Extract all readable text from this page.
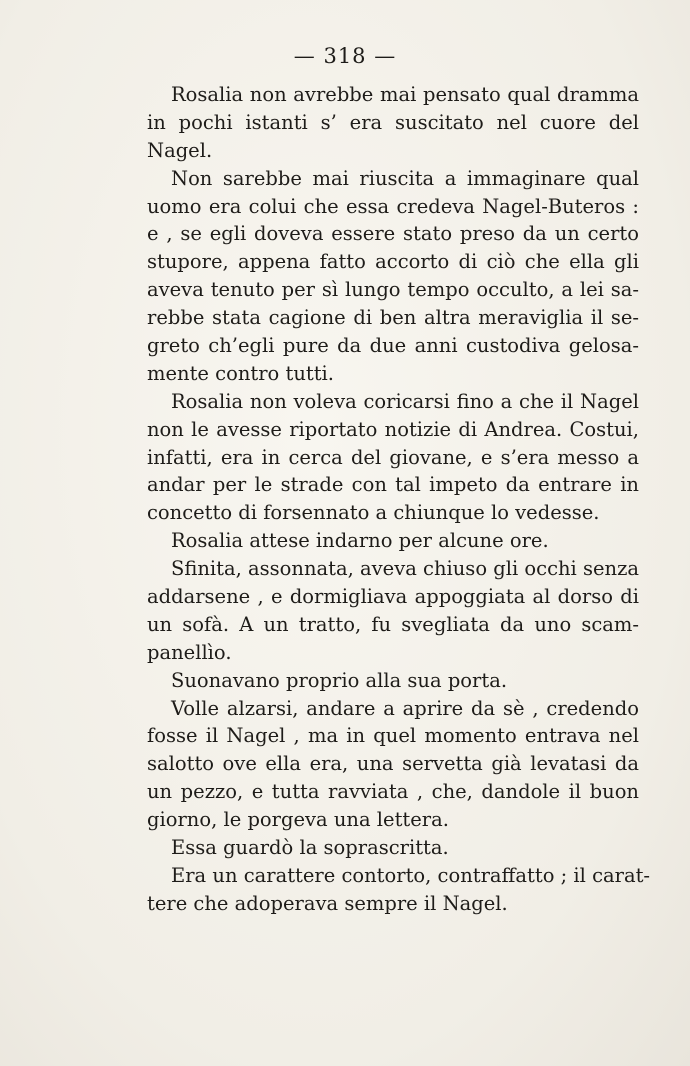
— 318 —
Rosalia non avrebbe mai pensato qual dramma
in pochi istanti s’ era suscitato nel cuore del
Nagel.
Non sarebbe mai riuscita a immaginare qual
uomo era colui che essa credeva Nagel-Buteros :
e , se egli doveva essere stato preso da un certo
stupore, appena fatto accorto di ciò che ella gli
aveva tenuto per sì lungo tempo occulto, a lei sa-
rebbe stata cagione di ben altra meraviglia il se-
greto ch’egli pure da due anni custodiva gelosa-
mente contro tutti.
Rosalia non voleva coricarsi fino a che il Nagel
non le avesse riportato notizie di Andrea. Costui,
infatti, era in cerca del giovane, e s’era messo a
andar per le strade con tal impeto da entrare in
concetto di forsennato a chiunque lo vedesse.
Rosalia attese indarno per alcune ore.
Sfinita, assonnata, aveva chiuso gli occhi senza
addarsene , e dormigliava appoggiata al dorso di
un sofà. A un tratto, fu svegliata da uno scam-
panellìo.
Suonavano proprio alla sua porta.
Volle alzarsi, andare a aprire da sè , credendo
fosse il Nagel , ma in quel momento entrava nel
salotto ove ella era, una servetta già levatasi da
un pezzo, e tutta ravviata , che, dandole il buon
giorno, le porgeva una lettera.
Essa guardò la soprascritta.
Era un carattere contorto, contraffatto ; il carat-
tere che adoperava sempre il Nagel.
